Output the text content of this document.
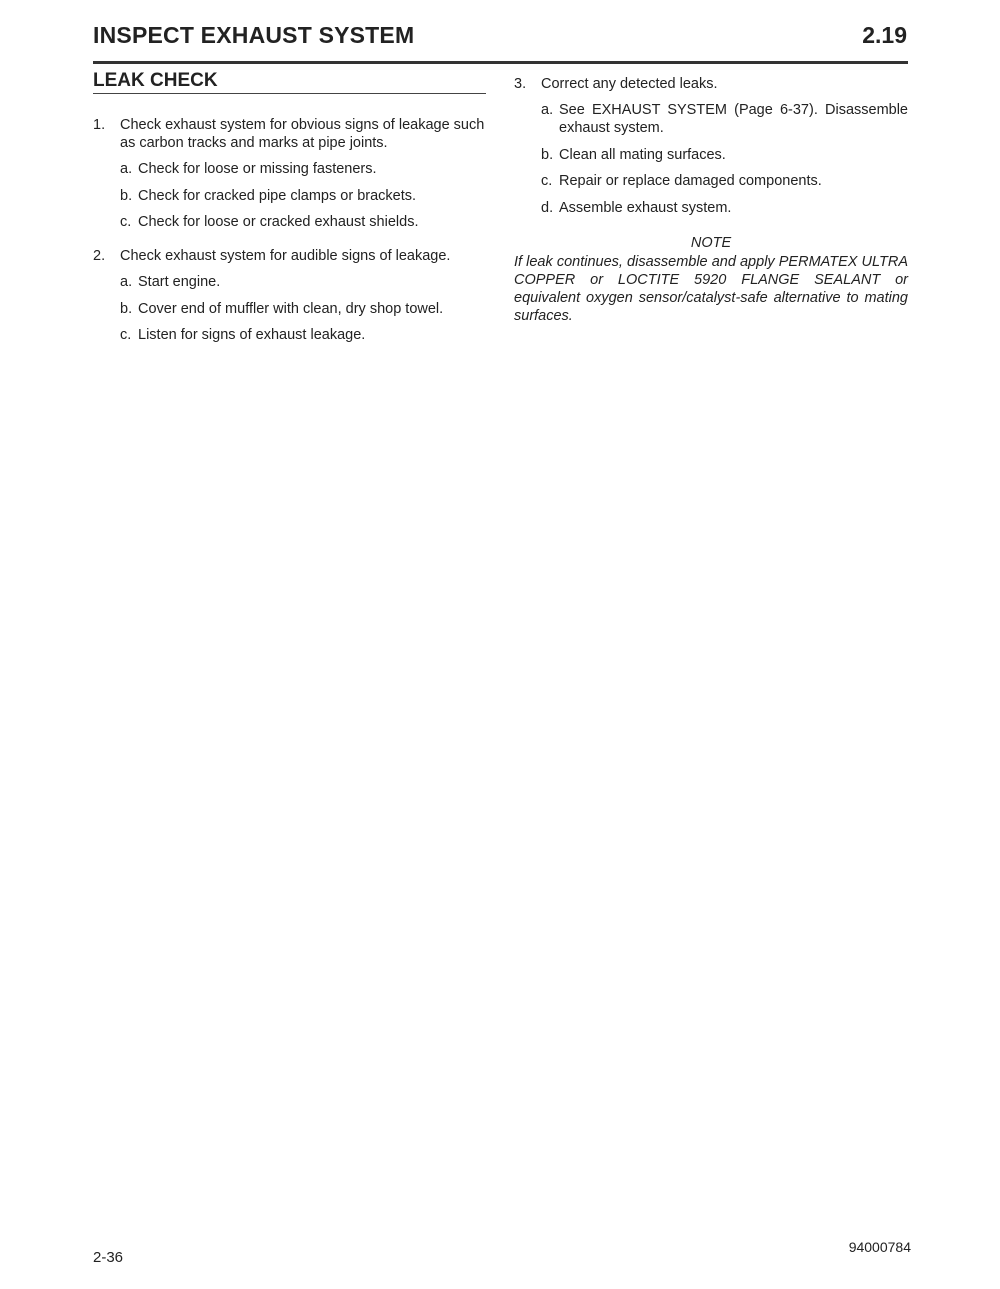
INSPECT EXHAUST SYSTEM	2.19
LEAK CHECK
1. Check exhaust system for obvious signs of leakage such as carbon tracks and marks at pipe joints.
a. Check for loose or missing fasteners.
b. Check for cracked pipe clamps or brackets.
c. Check for loose or cracked exhaust shields.
2. Check exhaust system for audible signs of leakage.
a. Start engine.
b. Cover end of muffler with clean, dry shop towel.
c. Listen for signs of exhaust leakage.
3. Correct any detected leaks.
a. See EXHAUST SYSTEM (Page 6-37). Disassemble exhaust system.
b. Clean all mating surfaces.
c. Repair or replace damaged components.
d. Assemble exhaust system.
NOTE
If leak continues, disassemble and apply PERMATEX ULTRA COPPER or LOCTITE 5920 FLANGE SEALANT or equivalent oxygen sensor/catalyst-safe alternative to mating surfaces.
2-36
94000784
